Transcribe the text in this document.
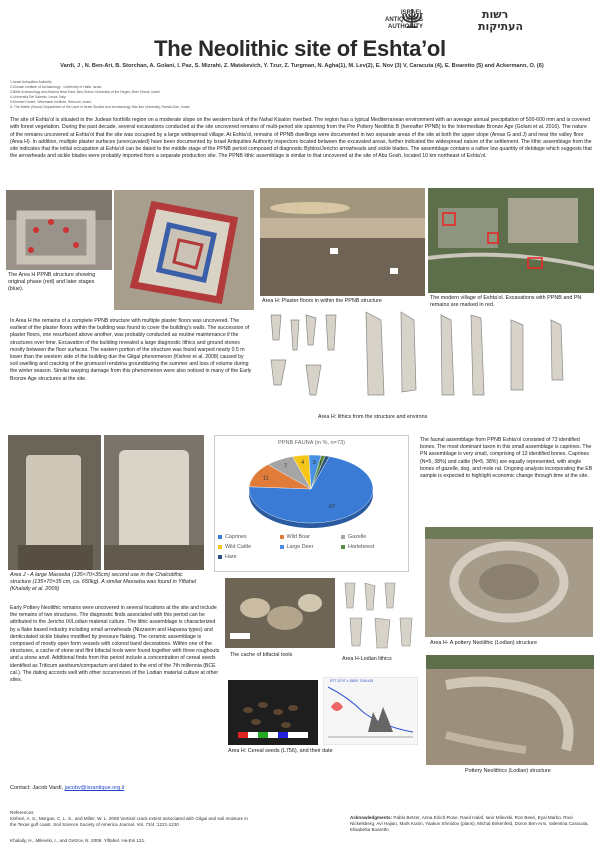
ISRAEL
ANTIQUITIES
AUTHORITY
רשות
העתיקות
The Neolithic site of Eshta’ol
Vardi, J , N. Ben-Ari, B. Storchan, A. Golani, I. Paz, S. Mizrahi, Z. Matskevich, Y. Tzur, Z. Turgman, N. Agha(1), M. Lev(2), E. Nov (3) V, Caracuta (4), E. Boaretto (5) and Ackermann, O. (6)
1-Israel Antiquities Authority
2-Zinman Institute of Archaeology - University of Haifa, Israel.
3-Bible Archaeology and Ancient Near East, Ben-Gurion University of the Negev, Beer Sheva, Israel.
4-Università Del Salento, Lecce, Italy.
5-Kimmel Centre, Weizmann Institute, Rehovot, Israel.
6- The Martin (Szusz) Department of the Land of Israel Studies and Archaeology, Bar-Ilan University, Ramat-Gan- Israel.
The site of Eshta’ol is situated in the Judean foothills region on a moderate slope on the western bank of the Nahal Kisalon riverbed. The region has a typical Mediterranean environment with an average annual precipitation of 500-600 mm and is covered with forest vegetation. During the past decade, several excavations conducted at the site uncovered remains of multi-period site spanning from the Pre Pottery Neolithic B (hereafter PPNB) to the Intermediate Bronze Age (Golani et al. 2016). The nature of the remains uncovered at Eshta’ol that the site was occupied by a large widespread village. At Eshta’ol, remains of PPNB dwellings were documented in two separate areas of the site at both the upper slope (Areas G and J) and near the valley floor (Area H). In addition, multiple plaster surfaces (unexcavated) have been documented by Israel Antiquities Authority inspectors located between the excavated areas, further indicated the widespread nature of the settlement. The lithic assemblage from the site indicates that the initial occupation at Eshta’ol can be dated to the middle stage of the PPNB period composed of diagnostic Byblos/Jericho arrowheads and sickle blades. The assemblage contains a rather low quantity of debitage which suggests that the arrowheads and sickle blades were probably imported from a separate production site. The PPNB lithic assemblage is similar to that uncovered at the site of Abu Gosh, located 10 km northeast of Eshta’ol.
The Area H PPNB structure showing original phase (red) and later stages (blue).
Area H: Plaster floors in within the PPNB structure	The modern village of Eshta’ol. Excavations with PPNB and PN remains are marked in red.
In Area H the remains of a complete PPNB structure with multiple plaster floors was uncovered. The earliest of the plaster floors within the building was found to cover the building’s walls. The succession of plaster floors, one resurfaced above another, was probably conducted as routine maintenance if the structures over time. Excavation of the building revealed a large diagnostic lithics and ground stones mostly between the floor surfaces. The eastern portion of the structure was found warped nearly 0.5 m lower than the western side of the building due the Gilgai phenomenon (Kishné et al. 2008) caused by soil swelling and cracking of the grumusol rendzina groundduring the summer and loss of volume during the winter season. Similar warping damage from this phenomenon were also noticed in many of the Early Bronze Age structures at the site.
Area H: lithics from the structure and environs
PPNB FAUNA (in %, n=73)
67
11
7
4 3 1
Caprines	Wild Boar	Gazelle Wild Cattle	Large Deer	Hartebeest Hare
The faunal assemblage from PPNB Eshta’ol consisted of 73 identified bones. The most dominant taxon in this small assemblage is caprines. The PN assemblage is very small, comprising of 13 identified bones. Caprines (N=5, 38%) and cattle (N=5, 38%) are equally represented, with single bones of gazelle, dog, and mole rat. Ongoing analysis incorporating the EB sample is expected to highlight economic change through time at the site.
Area H- A pottery Neolithic (Lodian) structure
Area J - A large Masseba (135×70×35cm) second use in the Chalcolithic structure (135×70×35 cm, ca. 650kg). A similar Masseba was found in Yiftahel (Khalaily et al. 2009)
Early Pottery Neolithic remains were uncovered in several locations at the site and include the remains of two structures. The diagnostic finds associated with this period can be attributed to the Jericho IX/Lodian material culture. The lithic assemblage is characterized by a flake based industry including small arrowheads (Nizzanim and Haparsa types) and denticulated sickle blades modified by pressure flaking. The ceramic assemblage is composed of mostly open form vessels with colored band decorations. Within one of the structures, a cache of stone and flint bifacial tools were found together with three roughouts and a stone anvil. Additional finds from this period include a concentration of cereal seeds identified as Triticum aestivum/compactum and dated to the end of the 7th millennia (BCE cal.). The dating accords well with other occurrences of the Lodian material culture at other sites.
The cache of bifacial tools
Area H-Lodian lithics
RTT-5797 ± 35BP, 7040±35
Area H: Cereal seeds (L756), and their date
Pottery Neolithics (Lodian) structure
Contact: Jacob Vardi, jacobv@israntique.org.il
References
Kishné, A. S., Morgan, C. L. S., and Miller, W. L. 2008 Vertisol crack extent associated with Gilgai and soil moisture in the Texas gulf coast. Soil Science Society of America Journal. Vol. 73/4 :1221-1230
Khalaily, H., Milevski, I., and Getzov, N. 2009. Yiftahel. Ha-Esi 121.
Acknowledgments: Pablo Betzer, Anna Eirich-Rose, Raed Halaf, Ianir Milevski, Ron Beeri, Eyal Marko, Roei Nickelsberg, Avi Hajian, Mark Kunin, Yaakov Shmidov (plans), Michal Birkenfeld, Doron Ben-Ami, Valentina Caracuta, Elisabetta Boaretto
